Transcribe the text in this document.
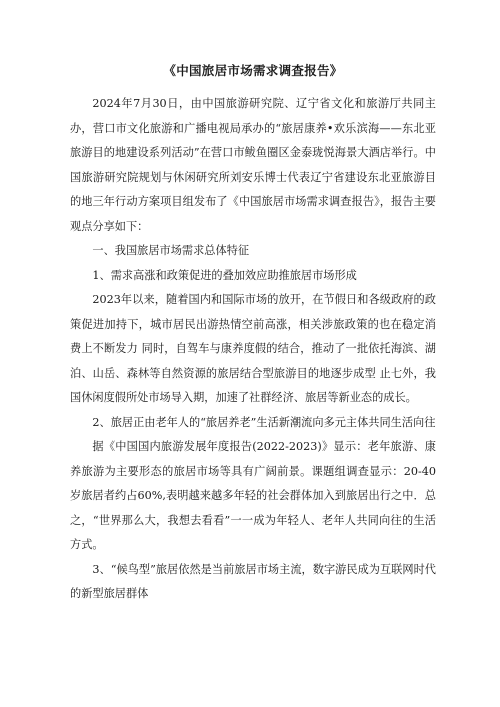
《中国旅居市场需求调查报告》

2024年7月30日，由中国旅游研究院、辽宁省文化和旅游厅共同主办，营口市文化旅游和广播电视局承办的“旅居康养•欢乐滨海——东北亚旅游目的地建设系列活动”在营口市鲅鱼圈区金泰珑悦海景大酒店举行。中国旅游研究院规划与休闲研究所刘安乐博士代表辽宁省建设东北亚旅游目的地三年行动方案项目组发布了《中国旅居市场需求调查报告》，报告主要观点分享如下：

一、我国旅居市场需求总体特征

1、需求高涨和政策促进的叠加效应助推旅居市场形成

2023年以来，随着国内和国际市场的放开，在节假日和各级政府的政策促进加持下，城市居民出游热情空前高涨，相关涉旅政策的也在稳定消费上不断发力 同时，自驾车与康养度假的结合，推动了一批依托海滨、湖泊、山岳、森林等自然资源的旅居结合型旅游目的地逐步成型 止七外，我国休闲度假所处市场导入期，加速了社群经济、旅居等新业态的成长。

2、旅居正由老年人的“旅居养老”生活新潮流向多元主体共同生活向往

据《中国国内旅游发展年度报告(2022-2023)》显示：老年旅游、康养旅游为主要形态的旅居市场等具有广阔前景。课题组调查显示：20-40岁旅居者约占60%,表明越来越多年轻的社会群体加入到旅居出行之中．总之，“世界那么大，我想去看看”一一成为年轻人、老年人共同向往的生活方式。

3、“候鸟型”旅居依然是当前旅居市场主流，数字游民成为互联网时代的新型旅居群体
